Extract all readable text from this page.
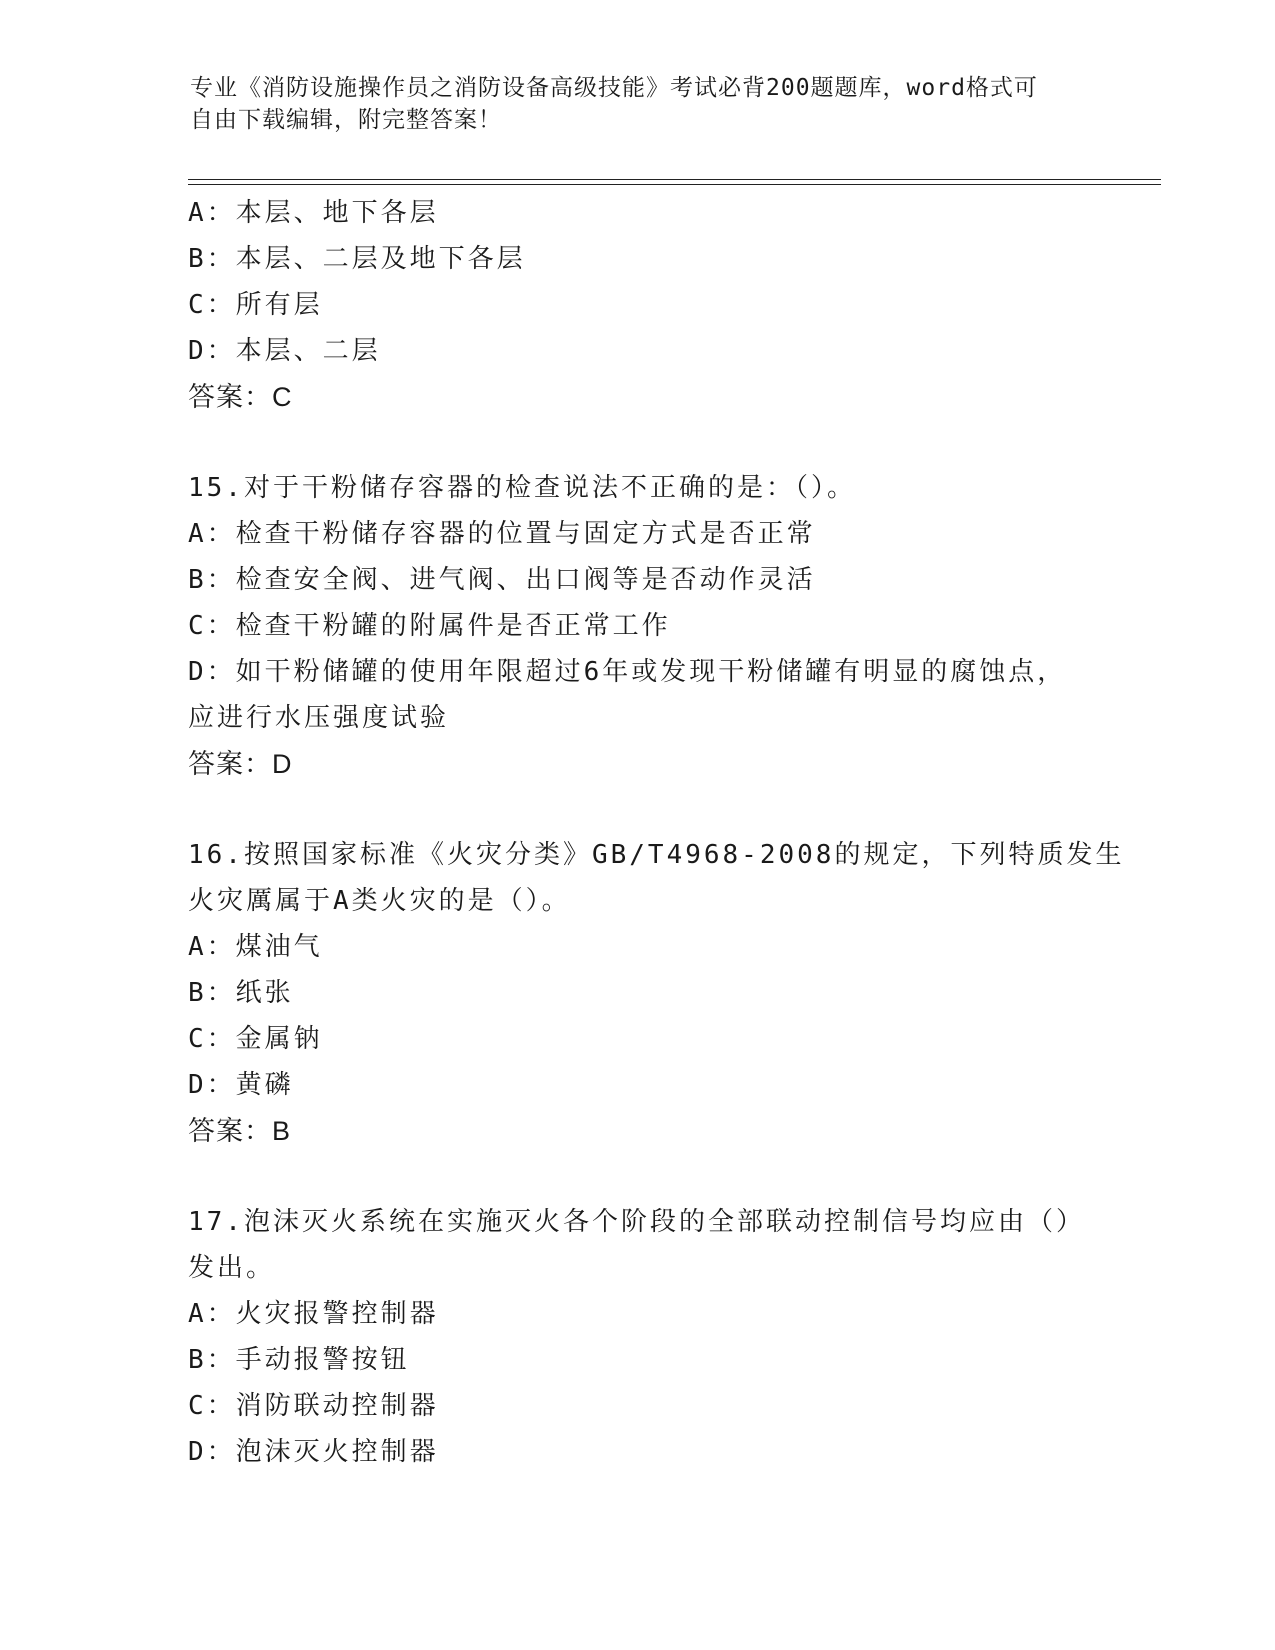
专业《消防设施操作员之消防设备高级技能》考试必背200题题库，word格式可
自由下载编辑，附完整答案！
A：本层、地下各层
B：本层、二层及地下各层
C：所有层
D：本层、二层
答案：C
15.对于干粉储存容器的检查说法不正确的是：（）。
A：检查干粉储存容器的位置与固定方式是否正常
B：检查安全阀、进气阀、出口阀等是否动作灵活
C：检查干粉罐的附属件是否正常工作
D：如干粉储罐的使用年限超过6年或发现干粉储罐有明显的腐蚀点，
应进行水压强度试验
答案：D
16.按照国家标准《火灾分类》GB/T4968-2008的规定，下列特质发生
火灾厲属于A类火灾的是（）。
A：煤油气
B：纸张
C：金属钠
D：黄磷
答案：B
17.泡沫灭火系统在实施灭火各个阶段的全部联动控制信号均应由（）
发出。
A：火灾报警控制器
B：手动报警按钮
C：消防联动控制器
D：泡沫灭火控制器
